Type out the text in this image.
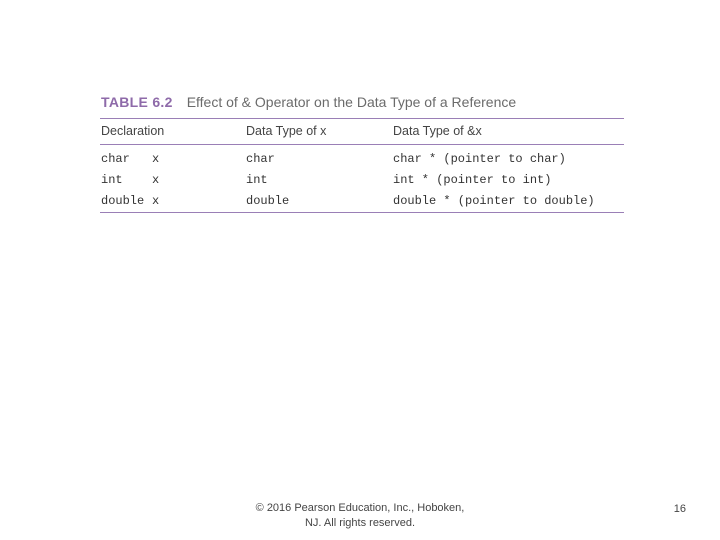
TABLE 6.2 Effect of & Operator on the Data Type of a Reference
Declaration	Data Type of x	Data Type of &x
char x	char	char * (pointer to char)
int x	int	int * (pointer to int)
double x	double	double * (pointer to double)
© 2016 Pearson Education, Inc., Hoboken,
NJ. All rights reserved.
16
